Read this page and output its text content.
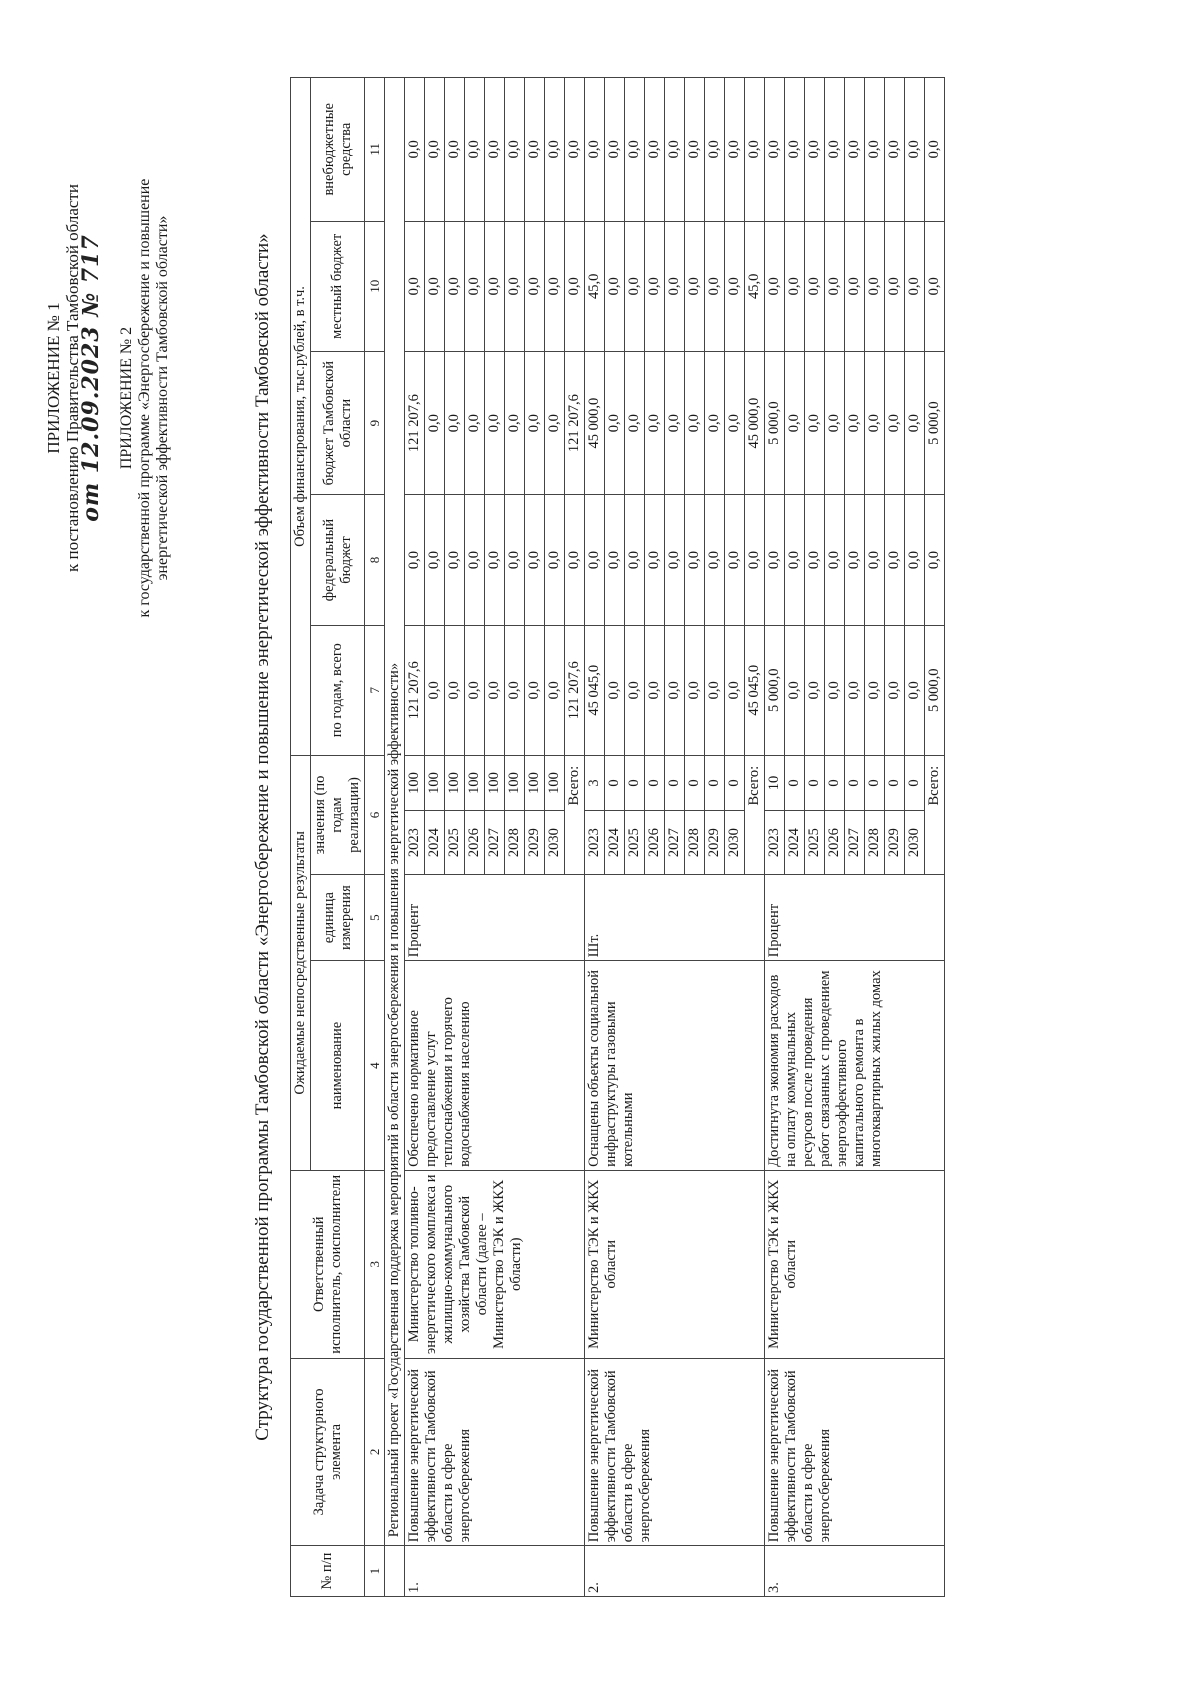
ПРИЛОЖЕНИЕ № 1 к постановлению Правительства Тамбовской области
от 12.09.2023 № 717 ПРИЛОЖЕНИЕ № 2 к государственной программе «Энергосбережение и повышение энергетической эффективности Тамбовской области»	Структура государственной программы Тамбовской области «Энергосбережение и повышение энергетической эффективности Тамбовской области»
№ п/п	Задача структурного элемента	Ответственный исполнитель, соисполнители	Ожидаемые непосредственные результаты				Объем финансирования, тыс.рублей, в т.ч.				
			наименование	единица измерения	значения (по годам реализации)		по годам, всего	федеральный бюджет	бюджет Тамбовской области	местный бюджет	внебюджетные средства
1	2	3	4	5	6		7	8	9	10	11
	Региональный проект «Государственная поддержка мероприятий в области энергосбережения и повышения энергетической эффективности»										
1.	Повышение энергетической эффективности Тамбовской области в сфере энергосбережения	Министерство топливно-энергетического комплекса и жилищно-коммунального хозяйства Тамбовской области (далее – Министерство ТЭК и ЖКХ области)	Обеспечено нормативное предоставление услуг теплоснабжения и горячего водоснабжения населению	Процент	2023	100	121 207,6	0,0	121 207,6	0,0	0,0
					2024	100	0,0	0,0	0,0	0,0	0,0
					2025	100	0,0	0,0	0,0	0,0	0,0
					2026	100	0,0	0,0	0,0	0,0	0,0
					2027	100	0,0	0,0	0,0	0,0	0,0
					2028	100	0,0	0,0	0,0	0,0	0,0
					2029	100	0,0	0,0	0,0	0,0	0,0
					2030	100	0,0	0,0	0,0	0,0	0,0
					Всего:		121 207,6	0,0	121 207,6	0,0	0,0
2.	Повышение энергетической эффективности Тамбовской области в сфере энергосбережения	Министерство ТЭК и ЖКХ области	Оснащены объекты социальной инфраструктуры газовыми котельными	Шт.	2023	3	45 045,0	0,0	45 000,0	45,0	0,0
					2024	0	0,0	0,0	0,0	0,0	0,0
					2025	0	0,0	0,0	0,0	0,0	0,0
					2026	0	0,0	0,0	0,0	0,0	0,0
					2027	0	0,0	0,0	0,0	0,0	0,0
					2028	0	0,0	0,0	0,0	0,0	0,0
					2029	0	0,0	0,0	0,0	0,0	0,0
					2030	0	0,0	0,0	0,0	0,0	0,0
					Всего:		45 045,0	0,0	45 000,0	45,0	0,0
3.	Повышение энергетической эффективности Тамбовской области в сфере энергосбережения	Министерство ТЭК и ЖКХ области	Достигнута экономия расходов на оплату коммунальных ресурсов после проведения работ связанных с проведением энергоэффективного капитального ремонта в многоквартирных жилых домах	Процент	2023	10	5 000,0	0,0	5 000,0	0,0	0,0
					2024	0	0,0	0,0	0,0	0,0	0,0
					2025	0	0,0	0,0	0,0	0,0	0,0
					2026	0	0,0	0,0	0,0	0,0	0,0
					2027	0	0,0	0,0	0,0	0,0	0,0
					2028	0	0,0	0,0	0,0	0,0	0,0
					2029	0	0,0	0,0	0,0	0,0	0,0
					2030	0	0,0	0,0	0,0	0,0	0,0
					Всего:		5 000,0	0,0	5 000,0	0,0	0,0
